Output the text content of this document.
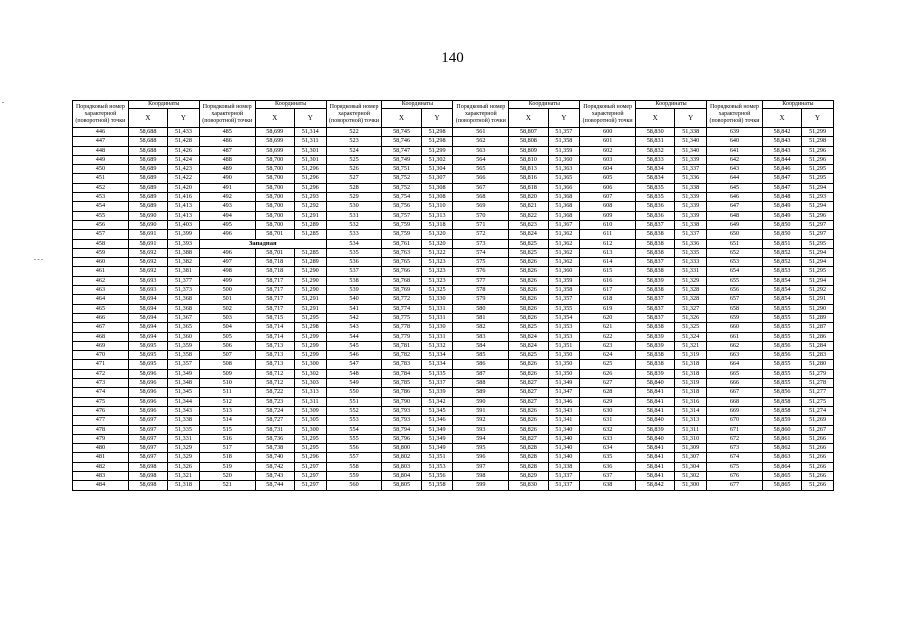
140
-
- - -
Порядковый номер характерной (поворотной) точки	Координаты		Порядковый номер характерной (поворотной) точки	Координаты		Порядковый номер характерной (поворотной) точки	Координаты		Порядковый номер характерной (поворотной) точки	Координаты		Порядковый номер характерной (поворотной) точки	Координаты		Порядковый номер характерной (поворотной) точки	Координаты	
	X	Y		X	Y		X	Y		X	Y		X	Y		X	Y
446	58,688	51,433	485	58,699	51,314	522	58,745	51,298	561	58,807	51,357	600	58,830	51,338	639	58,842	51,299
447	58,688	51,428	486	58,699	51,311	523	58,746	51,298	562	58,808	51,358	601	58,831	51,340	640	58,843	51,298
448	58,688	51,426	487	58,699	51,301	524	58,747	51,299	563	58,809	51,359	602	58,832	51,340	641	58,843	51,296
449	58,689	51,424	488	58,700	51,301	525	58,749	51,302	564	58,810	51,360	603	58,833	51,339	642	58,844	51,296
450	58,689	51,423	489	58,700	51,296	526	58,751	51,304	565	58,813	51,363	604	58,834	51,337	643	58,846	51,295
451	58,689	51,422	490	58,700	51,296	527	58,752	51,307	566	58,816	51,365	605	58,834	51,336	644	58,847	51,295
452	58,689	51,420	491	58,700	51,296	528	58,752	51,308	567	58,818	51,366	606	58,835	51,338	645	58,847	51,294
453	58,689	51,416	492	58,700	51,293	529	58,754	51,308	568	58,820	51,368	607	58,835	51,339	646	58,848	51,293
454	58,689	51,413	493	58,700	51,292	530	58,756	51,310	569	58,821	51,368	608	58,836	51,339	647	58,849	51,294
455	58,690	51,413	494	58,700	51,291	531	58,757	51,313	570	58,822	51,368	609	58,836	51,339	648	58,849	51,296
456	58,690	51,403	495	58,700	51,289	532	58,759	51,318	571	58,823	51,367	610	58,837	51,338	649	58,850	51,297
457	58,691	51,399	496	58,701	51,285	533	58,759	51,320	572	58,824	51,362	611	58,838	51,337	650	58,850	51,297
458	58,691	51,393	Западная			534	58,761	51,320	573	58,825	51,362	612	58,838	51,336	651	58,851	51,295
459	58,692	51,388	496	58,701	51,285	535	58,763	51,322	574	58,825	51,362	613	58,838	51,335	652	58,852	51,294
460	58,692	51,382	497	58,718	51,289	536	58,765	51,323	575	58,826	51,362	614	58,837	51,333	653	58,852	51,294
461	58,692	51,381	498	58,718	51,290	537	58,766	51,323	576	58,826	51,360	615	58,838	51,331	654	58,853	51,295
462	58,693	51,377	499	58,717	51,290	538	58,768	51,323	577	58,826	51,359	616	58,839	51,329	655	58,854	51,294
463	58,693	51,373	500	58,717	51,290	539	58,769	51,325	578	58,826	51,358	617	58,838	51,328	656	58,854	51,292
464	58,694	51,368	501	58,717	51,291	540	58,772	51,330	579	58,826	51,357	618	58,837	51,328	657	58,854	51,291
465	58,694	51,368	502	58,717	51,291	541	58,774	51,331	580	58,826	51,355	619	58,837	51,327	658	58,855	51,290
466	58,694	51,367	503	58,715	51,295	542	58,775	51,331	581	58,826	51,354	620	58,837	51,326	659	58,855	51,289
467	58,694	51,365	504	58,714	51,298	543	58,778	51,330	582	58,825	51,353	621	58,838	51,325	660	58,855	51,287
468	58,694	51,360	505	58,714	51,299	544	58,779	51,331	583	58,824	51,353	622	58,839	51,324	661	58,855	51,286
469	58,695	51,359	506	58,713	51,299	545	58,781	51,332	584	58,824	51,351	623	58,839	51,321	662	58,856	51,284
470	58,695	51,358	507	58,713	51,299	546	58,782	51,334	585	58,825	51,350	624	58,838	51,319	663	58,856	51,283
471	58,695	51,357	508	58,713	51,300	547	58,783	51,334	586	58,826	51,350	625	58,838	51,318	664	58,855	51,280
472	58,696	51,349	509	58,712	51,302	548	58,784	51,335	587	58,826	51,350	626	58,839	51,318	665	58,855	51,279
473	58,696	51,348	510	58,712	51,303	549	58,785	51,337	588	58,827	51,349	627	58,840	51,319	666	58,855	51,278
474	58,696	51,345	511	58,722	51,313	550	58,786	51,339	589	58,827	51,347	628	58,841	51,318	667	58,856	51,277
475	58,696	51,344	512	58,723	51,311	551	58,790	51,342	590	58,827	51,346	629	58,841	51,316	668	58,858	51,275
476	58,696	51,343	513	58,724	51,309	552	58,793	51,345	591	58,826	51,343	630	58,841	51,314	669	58,858	51,274
477	58,697	51,338	514	58,727	51,305	553	58,793	51,346	592	58,826	51,341	631	58,840	51,313	670	58,859	51,269
478	58,697	51,335	515	58,731	51,300	554	58,794	51,349	593	58,826	51,340	632	58,839	51,311	671	58,860	51,267
479	58,697	51,331	516	58,736	51,295	555	58,796	51,349	594	58,827	51,340	633	58,840	51,310	672	58,861	51,266
480	58,697	51,329	517	58,738	51,295	556	58,800	51,349	595	58,828	51,340	634	58,841	51,309	673	58,862	51,266
481	58,697	51,329	518	58,740	51,296	557	58,802	51,351	596	58,828	51,340	635	58,841	51,307	674	58,863	51,266
482	58,698	51,326	519	58,742	51,297	558	58,803	51,353	597	58,828	51,338	636	58,841	51,304	675	58,864	51,266
483	58,698	51,321	520	58,743	51,297	559	58,804	51,356	598	58,829	51,337	637	58,841	51,302	676	58,865	51,266
484	58,698	51,318	521	58,744	51,297	560	58,805	51,358	599	58,830	51,337	638	58,842	51,300	677	58,865	51,266
